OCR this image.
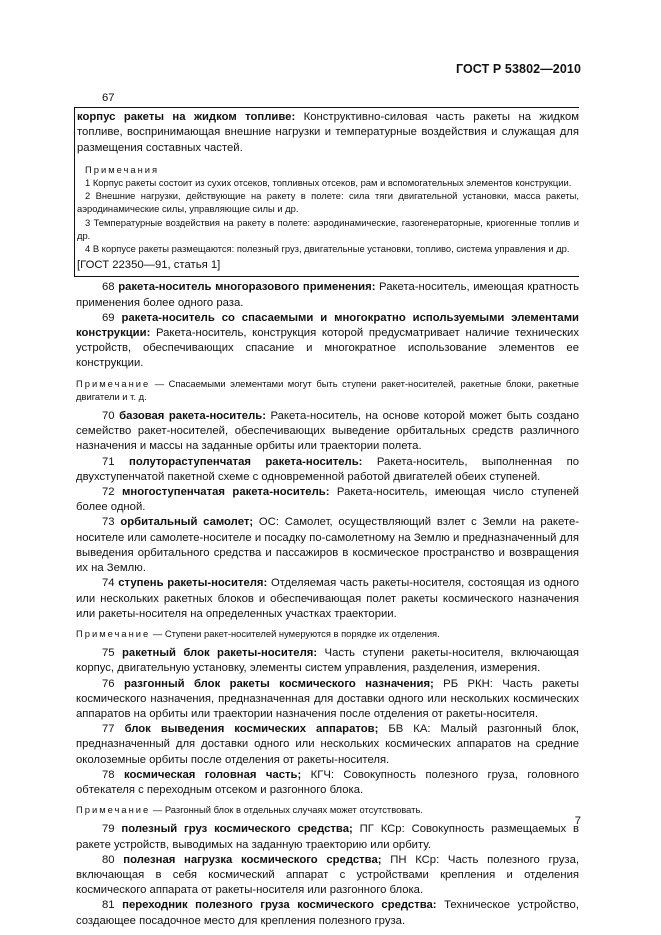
ГОСТ Р 53802—2010

67

корпус ракеты на жидком топливе: Конструктивно-силовая часть ракеты на жидком топливе, воспринимающая внешние нагрузки и температурные воздействия и служащая для размещения составных частей.

Примечания

1 Корпус ракеты состоит из сухих отсеков, топливных отсеков, рам и вспомогательных элементов конструкции.

2 Внешние нагрузки, действующие на ракету в полете: сила тяги двигательной установки, масса ракеты, аэродинамические силы, управляющие силы и др.

3 Температурные воздействия на ракету в полете: аэродинамические, газогенераторные, криогенные топлив и др.

4 В корпусе ракеты размещаются: полезный груз, двигательные установки, топливо, система управления и др.

[ГОСТ 22350—91, статья 1]

68 ракета-носитель многоразового применения: Ракета-носитель, имеющая кратность применения более одного раза.

69 ракета-носитель со спасаемыми и многократно используемыми элементами конструкции: Ракета-носитель, конструкция которой предусматривает наличие технических устройств, обеспечивающих спасание и многократное использование элементов ее конструкции.

Примечание — Спасаемыми элементами могут быть ступени ракет-носителей, ракетные блоки, ракетные двигатели и т. д.

70 базовая ракета-носитель: Ракета-носитель, на основе которой может быть создано семейство ракет-носителей, обеспечивающих выведение орбитальных средств различного назначения и массы на заданные орбиты или траектории полета.

71 полутораступенчатая ракета-носитель: Ракета-носитель, выполненная по двухступенчатой пакетной схеме с одновременной работой двигателей обеих ступеней.

72 многоступенчатая ракета-носитель: Ракета-носитель, имеющая число ступеней более одной.

73 орбитальный самолет; ОС: Самолет, осуществляющий взлет с Земли на ракете-носителе или самолете-носителе и посадку по-самолетному на Землю и предназначенный для выведения орбитального средства и пассажиров в космическое пространство и возвращения их на Землю.

74 ступень ракеты-носителя: Отделяемая часть ракеты-носителя, состоящая из одного или нескольких ракетных блоков и обеспечивающая полет ракеты космического назначения или ракеты-носителя на определенных участках траектории.

Примечание — Ступени ракет-носителей нумеруются в порядке их отделения.

75 ракетный блок ракеты-носителя: Часть ступени ракеты-носителя, включающая корпус, двигательную установку, элементы систем управления, разделения, измерения.

76 разгонный блок ракеты космического назначения; РБ РКН: Часть ракеты космического назначения, предназначенная для доставки одного или нескольких космических аппаратов на орбиты или траектории назначения после отделения от ракеты-носителя.

77 блок выведения космических аппаратов; БВ КА: Малый разгонный блок, предназначенный для доставки одного или нескольких космических аппаратов на средние околоземные орбиты после отделения от ракеты-носителя.

78 космическая головная часть; КГЧ: Совокупность полезного груза, головного обтекателя с переходным отсеком и разгонного блока.

Примечание — Разгонный блок в отдельных случаях может отсутствовать.

79 полезный груз космического средства; ПГ КСр: Совокупность размещаемых в ракете устройств, выводимых на заданную траекторию или орбиту.

80 полезная нагрузка космического средства; ПН КСр: Часть полезного груза, включающая в себя космический аппарат с устройствами крепления и отделения космического аппарата от ракеты-носителя или разгонного блока.

81 переходник полезного груза космического средства: Техническое устройство, создающее посадочное место для крепления полезного груза.

7
